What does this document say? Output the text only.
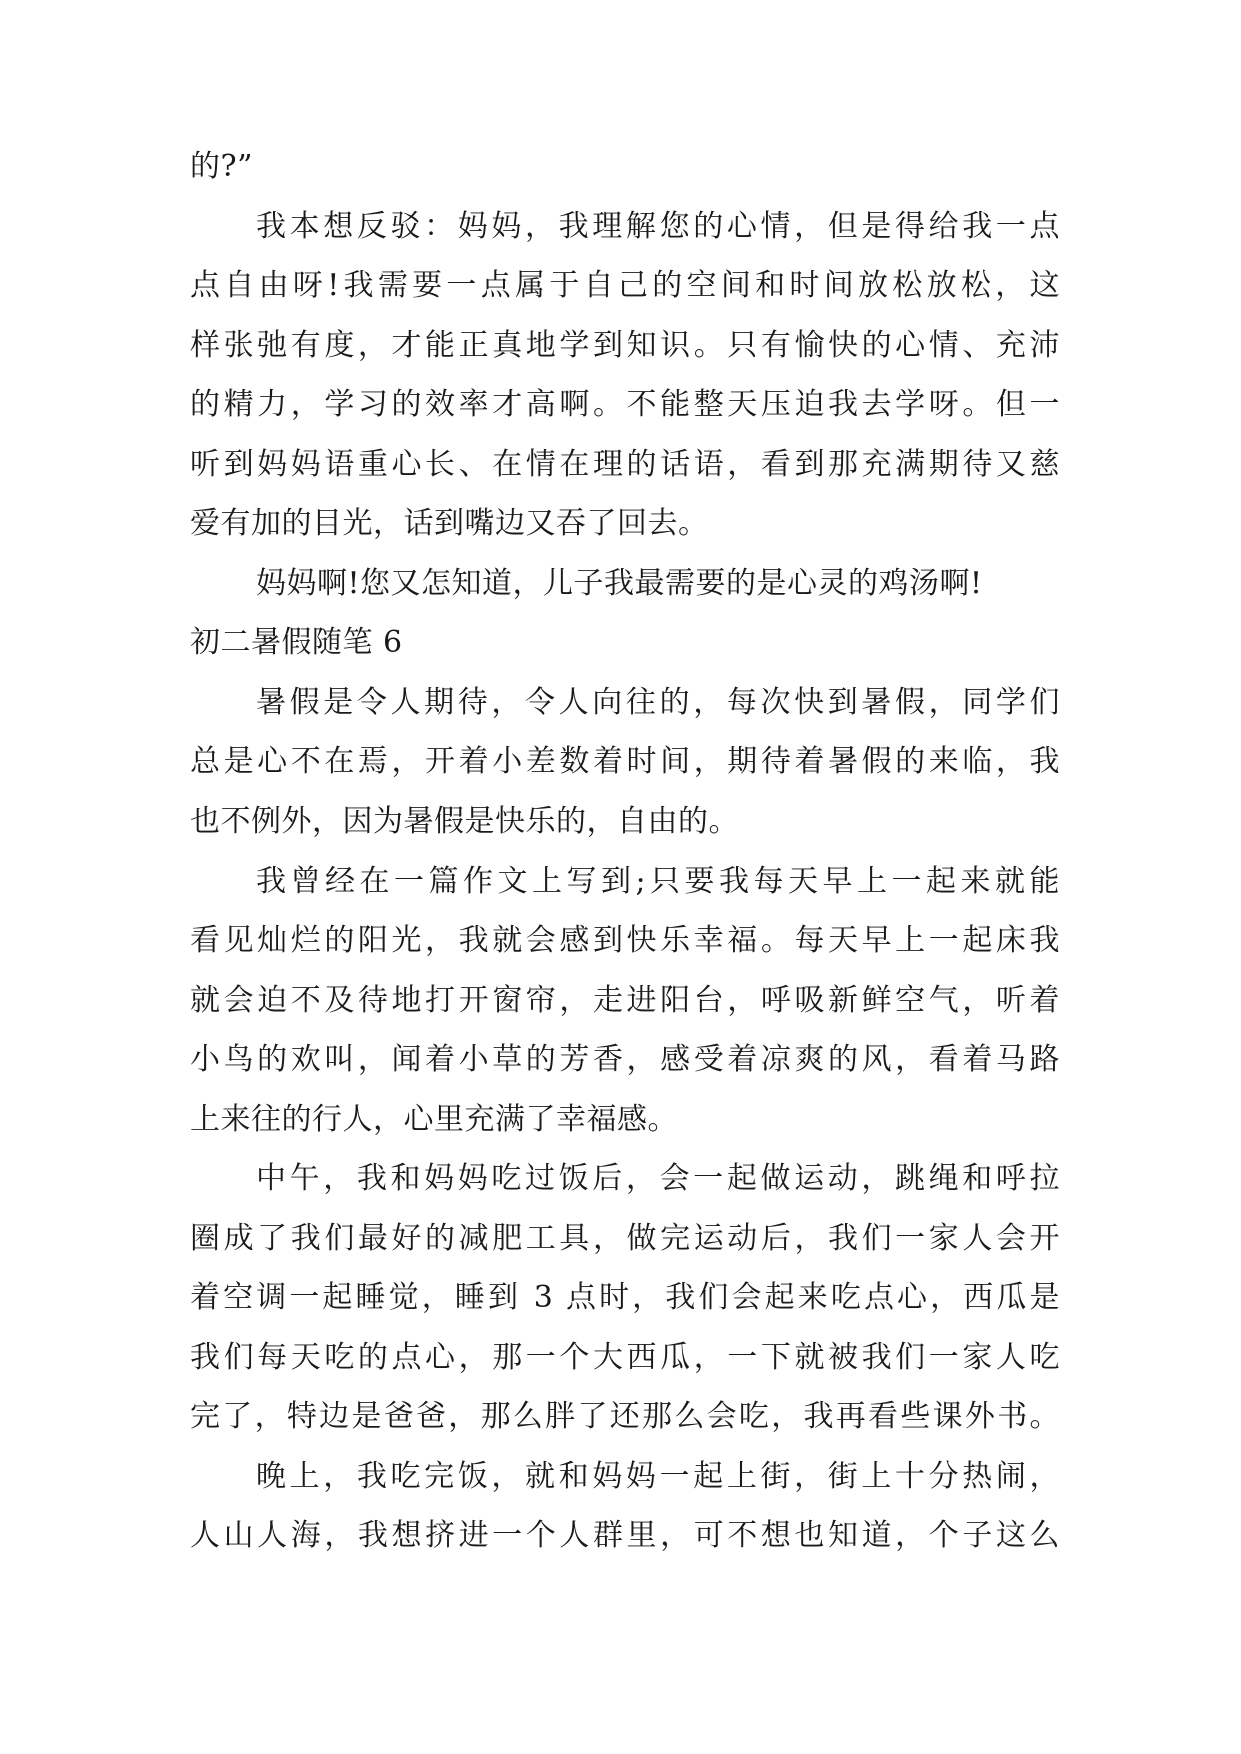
的?”

我本想反驳：妈妈，我理解您的心情，但是得给我一点

点自由呀!我需要一点属于自己的空间和时间放松放松，这

样张弛有度，才能正真地学到知识。只有愉快的心情、充沛

的精力，学习的效率才高啊。不能整天压迫我去学呀。但一

听到妈妈语重心长、在情在理的话语，看到那充满期待又慈

爱有加的目光，话到嘴边又吞了回去。

妈妈啊!您又怎知道，儿子我最需要的是心灵的鸡汤啊!

初二暑假随笔 6

暑假是令人期待，令人向往的，每次快到暑假，同学们

总是心不在焉，开着小差数着时间，期待着暑假的来临，我

也不例外，因为暑假是快乐的，自由的。

我曾经在一篇作文上写到;只要我每天早上一起来就能

看见灿烂的阳光，我就会感到快乐幸福。每天早上一起床我

就会迫不及待地打开窗帘，走进阳台，呼吸新鲜空气，听着

小鸟的欢叫，闻着小草的芳香，感受着凉爽的风，看着马路

上来往的行人，心里充满了幸福感。

中午，我和妈妈吃过饭后，会一起做运动，跳绳和呼拉

圈成了我们最好的减肥工具，做完运动后，我们一家人会开

着空调一起睡觉，睡到 3 点时，我们会起来吃点心，西瓜是

我们每天吃的点心，那一个大西瓜，一下就被我们一家人吃

完了，特边是爸爸，那么胖了还那么会吃，我再看些课外书。

晚上，我吃完饭，就和妈妈一起上街，街上十分热闹，

人山人海，我想挤进一个人群里，可不想也知道，个子这么
